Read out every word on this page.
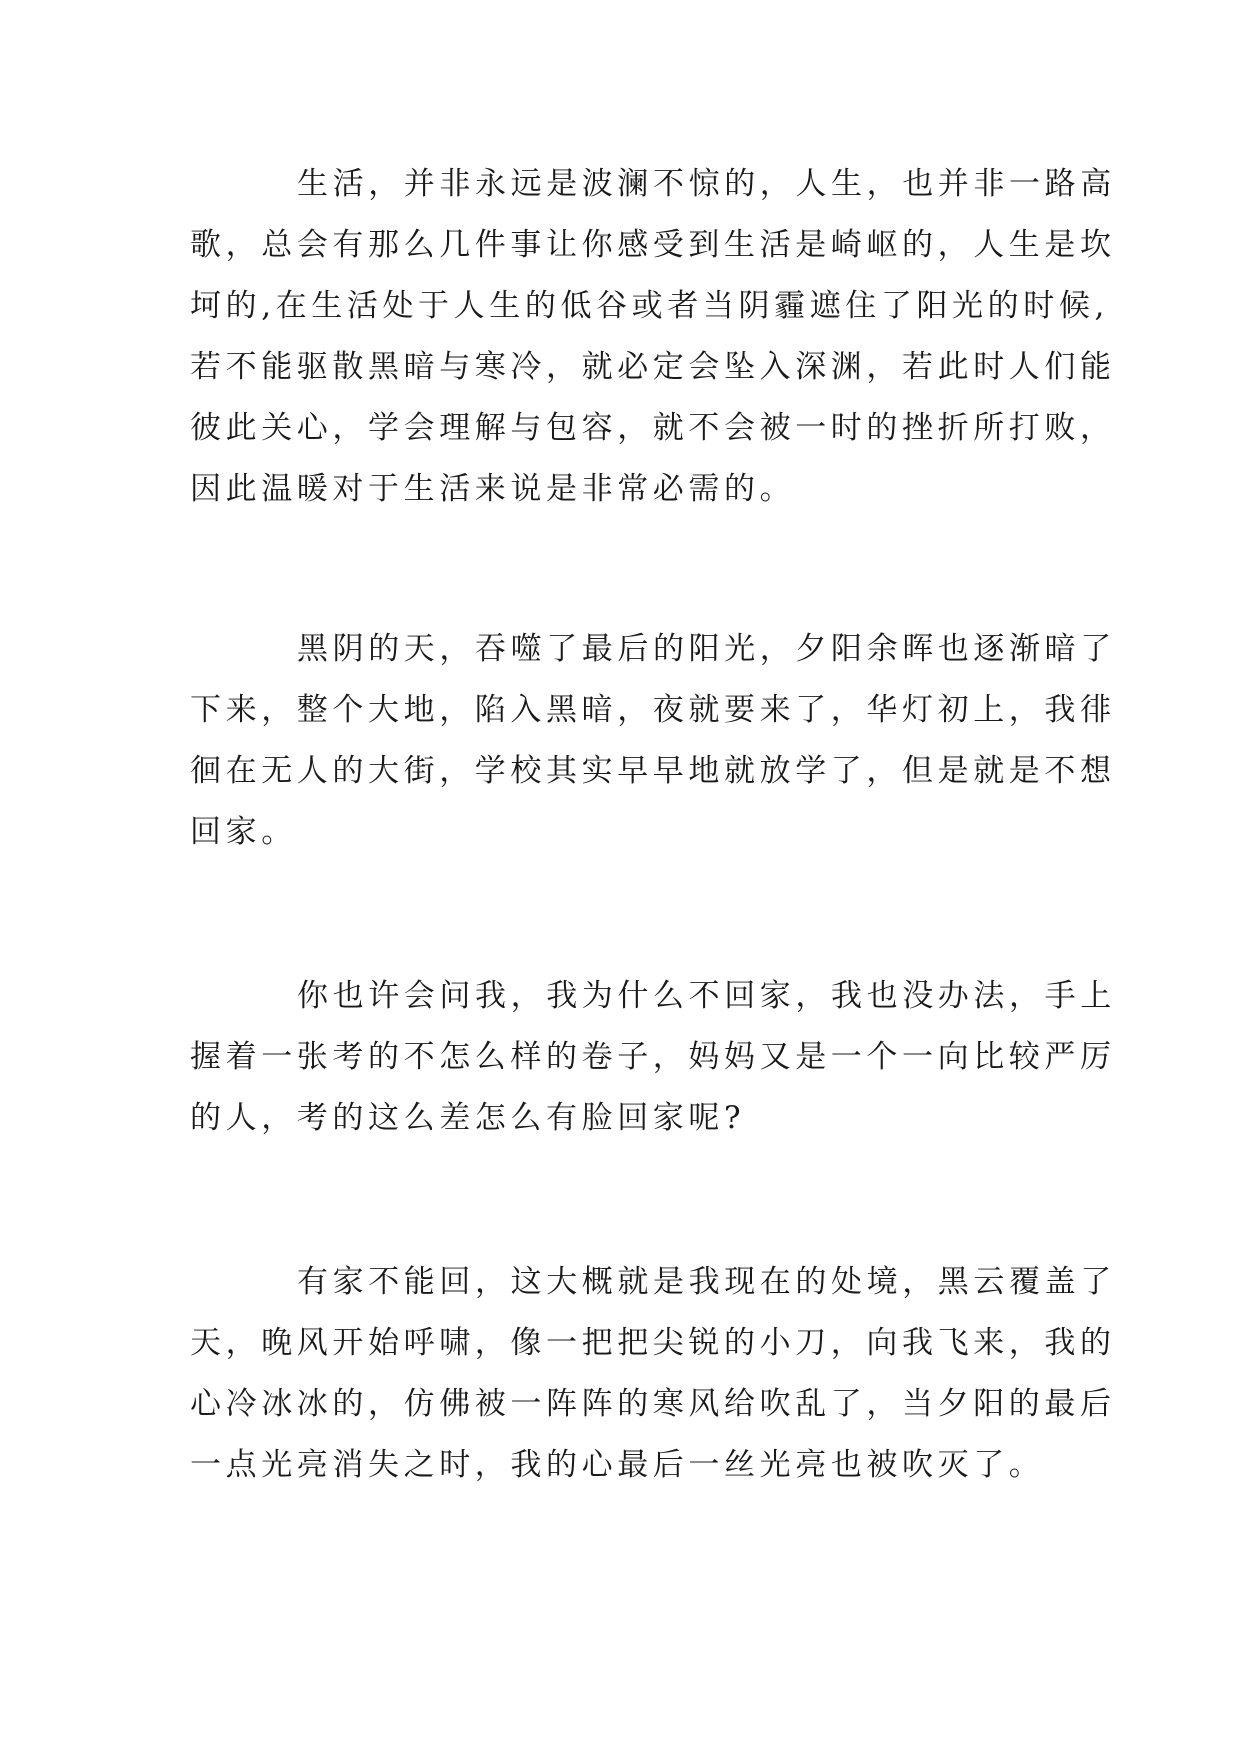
生活，并非永远是波澜不惊的，人生，也并非一路高
歌，总会有那么几件事让你感受到生活是崎岖的，人生是坎
坷的,在生活处于人生的低谷或者当阴霾遮住了阳光的时候,
若不能驱散黑暗与寒冷，就必定会坠入深渊，若此时人们能
彼此关心，学会理解与包容，就不会被一时的挫折所打败，
因此温暖对于生活来说是非常必需的。
黑阴的天，吞噬了最后的阳光，夕阳余晖也逐渐暗了
下来，整个大地，陷入黑暗，夜就要来了，华灯初上，我徘
徊在无人的大街，学校其实早早地就放学了，但是就是不想
回家。
你也许会问我，我为什么不回家，我也没办法，手上
握着一张考的不怎么样的卷子，妈妈又是一个一向比较严厉
的人，考的这么差怎么有脸回家呢?
有家不能回，这大概就是我现在的处境，黑云覆盖了
天，晚风开始呼啸，像一把把尖锐的小刀，向我飞来，我的
心冷冰冰的，仿佛被一阵阵的寒风给吹乱了，当夕阳的最后
一点光亮消失之时，我的心最后一丝光亮也被吹灭了。
